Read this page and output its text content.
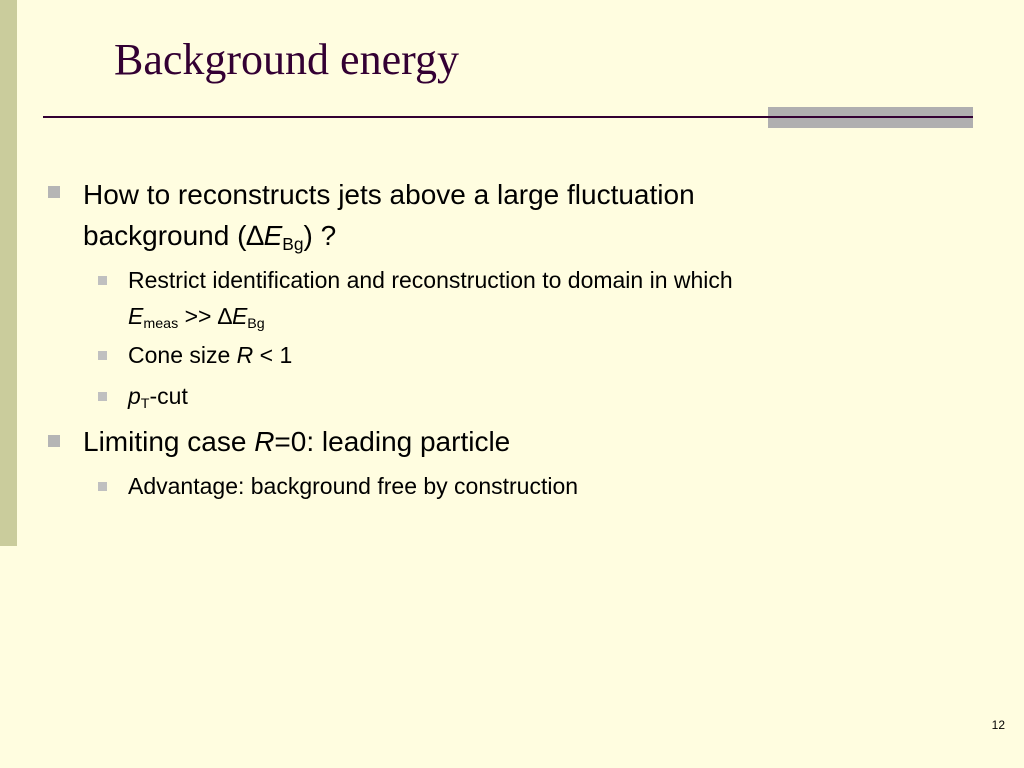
Background energy
How to reconstructs jets above a large fluctuation
background $(\Delta E_{Bg})$ ?
Restrict identification and reconstruction to domain in which
$E_{meas} >> \Delta E_{Bg}$
Cone size R < 1
$p_T$-cut
Limiting case R=0: leading particle
Advantage: background free by construction
12
